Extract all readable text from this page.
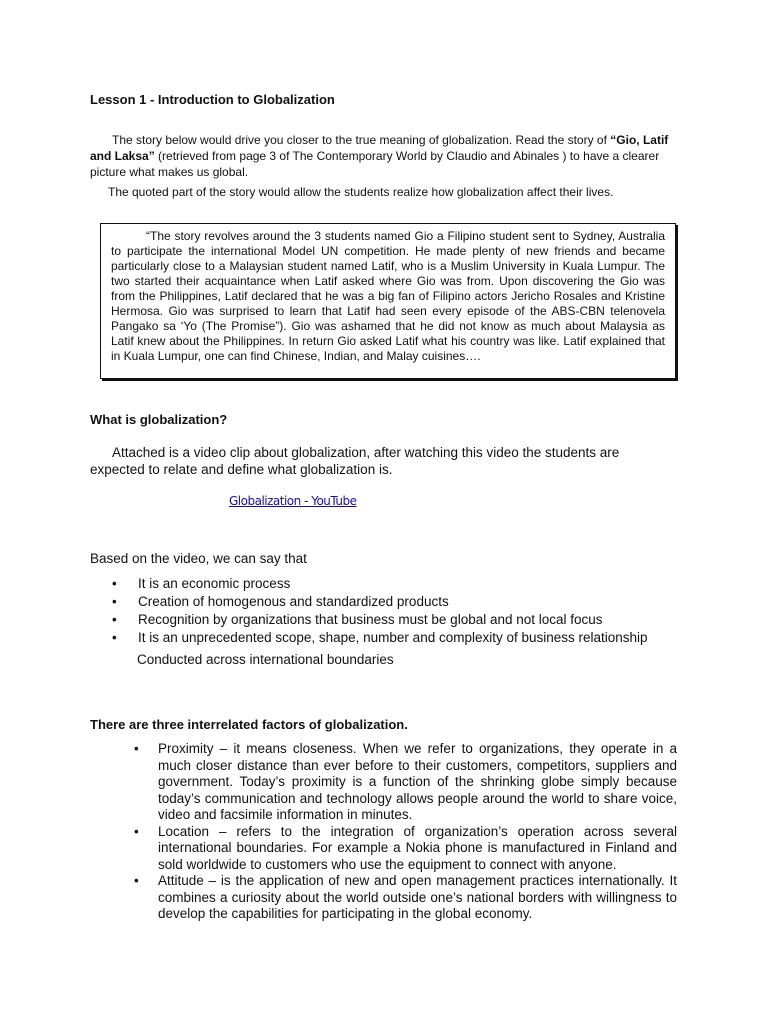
Lesson 1 - Introduction to Globalization

The story below would drive you closer to the true meaning of globalization. Read the story of “Gio, Latif and Laksa” (retrieved from page 3 of The Contemporary World by Claudio and Abinales ) to have a clearer picture what makes us global.

The quoted part of the story would allow the students realize how globalization affect their lives.

“The story revolves around the 3 students named Gio a Filipino student sent to Sydney, Australia to participate the international Model UN competition. He made plenty of new friends and became particularly close to a Malaysian student named Latif, who is a Muslim University in Kuala Lumpur. The two started their acquaintance when Latif asked where Gio was from. Upon discovering the Gio was from the Philippines, Latif declared that he was a big fan of Filipino actors Jericho Rosales and Kristine Hermosa. Gio was surprised to learn that Latif had seen every episode of the ABS-CBN telenovela Pangako sa ‘Yo (The Promise”). Gio was ashamed that he did not know as much about Malaysia as Latif knew about the Philippines. In return Gio asked Latif what his country was like. Latif explained that in Kuala Lumpur, one can find Chinese, Indian, and Malay cuisines….

What is globalization?

Attached is a video clip about globalization, after watching this video the students are expected to relate and define what globalization is.

Globalization - YouTube

Based on the video, we can say that

• It is an economic process
• Creation of homogenous and standardized products
• Recognition by organizations that business must be global and not local focus
• It is an unprecedented scope, shape, number and complexity of business relationship

Conducted across international boundaries

There are three interrelated factors of globalization.
• Proximity – it means closeness. When we refer to organizations, they operate in a much closer distance than ever before to their customers, competitors, suppliers and government. Today’s proximity is a function of the shrinking globe simply because today’s communication and technology allows people around the world to share voice, video and facsimile information in minutes.
• Location – refers to the integration of organization’s operation across several international boundaries. For example a Nokia phone is manufactured in Finland and sold worldwide to customers who use the equipment to connect with anyone.
• Attitude – is the application of new and open management practices internationally. It combines a curiosity about the world outside one’s national borders with willingness to develop the capabilities for participating in the global economy.
